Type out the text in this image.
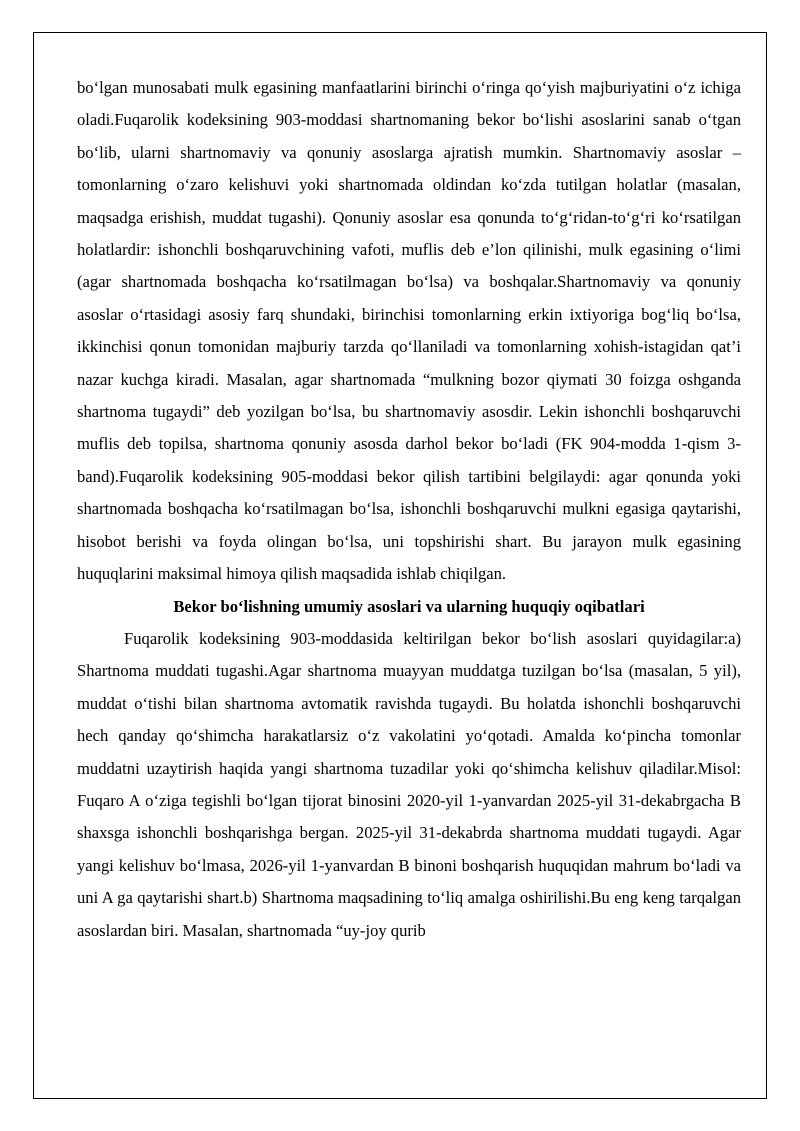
bo‘lgan munosabati mulk egasining manfaatlarini birinchi o‘ringa qo‘yish majburiyatini o‘z ichiga oladi.Fuqarolik kodeksining 903-moddasi shartnomaning bekor bo‘lishi asoslarini sanab o‘tgan bo‘lib, ularni shartnomaviy va qonuniy asoslarga ajratish mumkin. Shartnomaviy asoslar – tomonlarning o‘zaro kelishuvi yoki shartnomada oldindan ko‘zda tutilgan holatlar (masalan, maqsadga erishish, muddat tugashi). Qonuniy asoslar esa qonunda to‘g‘ridan-to‘g‘ri ko‘rsatilgan holatlardir: ishonchli boshqaruvchining vafoti, muflis deb e’lon qilinishi, mulk egasining o‘limi (agar shartnomada boshqacha ko‘rsatilmagan bo‘lsa) va boshqalar.Shartnomaviy va qonuniy asoslar o‘rtasidagi asosiy farq shundaki, birinchisi tomonlarning erkin ixtiyoriga bog‘liq bo‘lsa, ikkinchisi qonun tomonidan majburiy tarzda qo‘llaniladi va tomonlarning xohish-istagidan qat’i nazar kuchga kiradi. Masalan, agar shartnomada “mulkning bozor qiymati 30 foizga oshganda shartnoma tugaydi” deb yozilgan bo‘lsa, bu shartnomaviy asosdir. Lekin ishonchli boshqaruvchi muflis deb topilsa, shartnoma qonuniy asosda darhol bekor bo‘ladi (FK 904-modda 1-qism 3-band).Fuqarolik kodeksining 905-moddasi bekor qilish tartibini belgilaydi: agar qonunda yoki shartnomada boshqacha ko‘rsatilmagan bo‘lsa, ishonchli boshqaruvchi mulkni egasiga qaytarishi, hisobot berishi va foyda olingan bo‘lsa, uni topshirishi shart. Bu jarayon mulk egasining huquqlarini maksimal himoya qilish maqsadida ishlab chiqilgan.

Bekor bo‘lishning umumiy asoslari va ularning huquqiy oqibatlari

Fuqarolik kodeksining 903-moddasida keltirilgan bekor bo‘lish asoslari quyidagilar:a) Shartnoma muddati tugashi.Agar shartnoma muayyan muddatga tuzilgan bo‘lsa (masalan, 5 yil), muddat o‘tishi bilan shartnoma avtomatik ravishda tugaydi. Bu holatda ishonchli boshqaruvchi hech qanday qo‘shimcha harakatlarsiz o‘z vakolatini yo‘qotadi. Amalda ko‘pincha tomonlar muddatni uzaytirish haqida yangi shartnoma tuzadilar yoki qo‘shimcha kelishuv qiladilar.Misol: Fuqaro A o‘ziga tegishli bo‘lgan tijorat binosini 2020-yil 1-yanvardan 2025-yil 31-dekabrgacha B shaxsga ishonchli boshqarishga bergan. 2025-yil 31-dekabrda shartnoma muddati tugaydi. Agar yangi kelishuv bo‘lmasa, 2026-yil 1-yanvardan B binoni boshqarish huquqidan mahrum bo‘ladi va uni A ga qaytarishi shart.b) Shartnoma maqsadining to‘liq amalga oshirilishi.Bu eng keng tarqalgan asoslardan biri. Masalan, shartnomada “uy-joy qurib
